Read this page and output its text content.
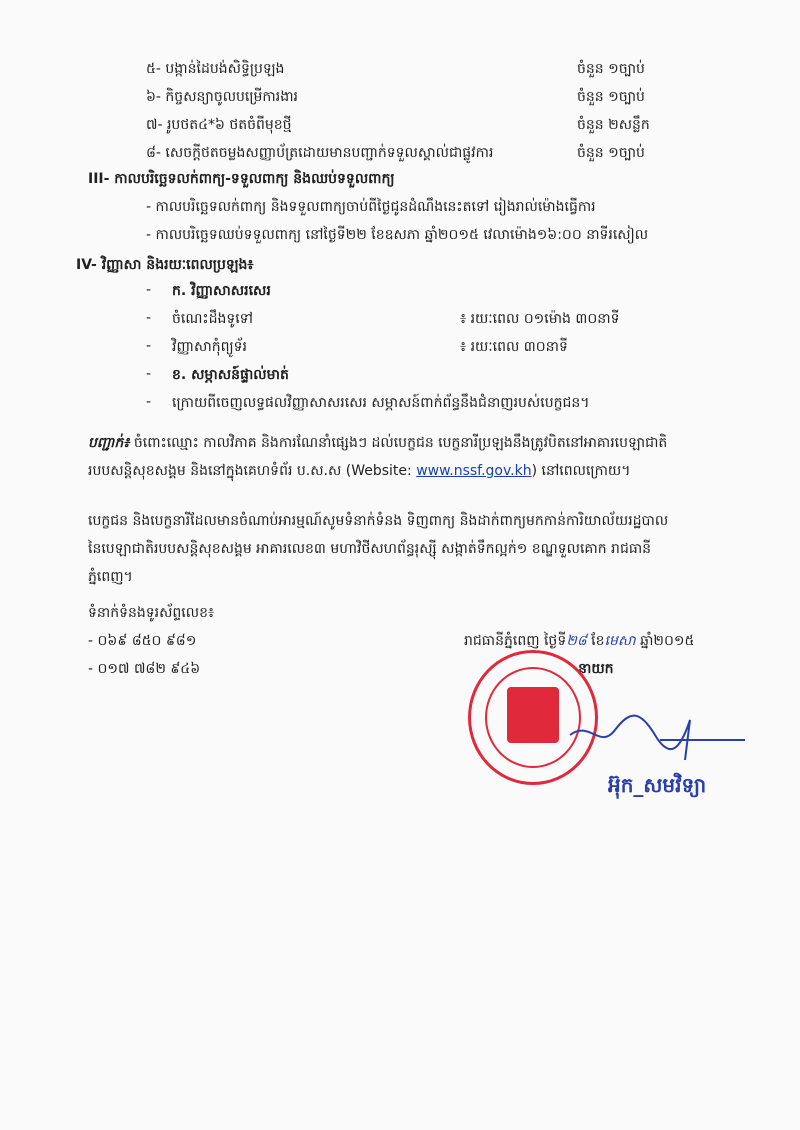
៥- បង្កាន់ដៃបង់សិទ្ធិប្រឡង	ចំនួន ១ច្បាប់
៦- កិច្ចសន្យាចូលបម្រើការងារ	ចំនួន ១ច្បាប់
៧- រូបថត៤*៦ ថតចំពីមុខថ្មី	ចំនួន ២សន្លឹក
៨- សេចក្តីថតចម្លងសញ្ញាប័ត្រដោយមានបញ្ជាក់ទទួលស្គាល់ជាផ្លូវការ	ចំនួន ១ច្បាប់
III- កាលបរិច្ឆេទលក់ពាក្យ-ទទួលពាក្យ និងឈប់ទទួលពាក្យ
- កាលបរិច្ឆេទលក់ពាក្យ និងទទួលពាក្យចាប់ពីថ្ងៃជូនដំណឹងនេះតទៅ រៀងរាល់ម៉ោងធ្វើការ
- កាលបរិច្ឆេទឈប់ទទួលពាក្យ នៅថ្ងៃទី២២ ខែឧសភា ឆ្នាំ២០១៥ វេលាម៉ោង១៦:០០ នាទីរសៀល
IV- វិញ្ញាសា និងរយៈពេលប្រឡង៖
- ក. វិញ្ញាសាសរសេរ
- ចំណេះដឹងទូទៅ	៖ រយៈពេល ០១ម៉ោង ៣០នាទី
- វិញ្ញាសាកុំព្យូទ័រ	៖ រយៈពេល ៣០នាទី
- ខ. សម្ភាសន៍ផ្ទាល់មាត់
- ក្រោយពីចេញលទ្ធផលវិញ្ញាសាសរសេរ សម្ភាសន៍ពាក់ព័ន្ធនឹងជំនាញរបស់បេក្ខជន។
បញ្ជាក់៖ ចំពោះឈ្មោះ កាលវិភាគ និងការណែនាំផ្សេងៗ ដល់បេក្ខជន បេក្ខនារីប្រឡងនឹងត្រូវបិតនៅអាគារបេឡាជាតិ
របបសន្តិសុខសង្គម និងនៅក្នុងគេហទំព័រ ប.ស.ស (Website: www.nssf.gov.kh) នៅពេលក្រោយ។
បេក្ខជន និងបេក្ខនារីដែលមានចំណាប់អារម្មណ៍សូមទំនាក់ទំនង ទិញពាក្យ និងដាក់ពាក្យមកកាន់ការិយាល័យរដ្ឋបាល
នៃបេឡាជាតិរបបសន្តិសុខសង្គម អាគារលេខ៣ មហាវិថីសហព័ន្ធរុស្ស៊ី សង្កាត់ទឹកល្អក់១ ខណ្ឌទួលគោក រាជធានី
ភ្នំពេញ។
ទំនាក់ទំនងទូរស័ព្ទលេខ៖
- ០៦៩ ៨៥០ ៩៨១
- ០១៧ ៧៨២ ៩៤៦
រាជធានីភ្នំពេញ ថ្ងៃទី២៨ ខែមេសា ឆ្នាំ២០១៥
នាយក
អ៊ុក_សមវិទ្យា
